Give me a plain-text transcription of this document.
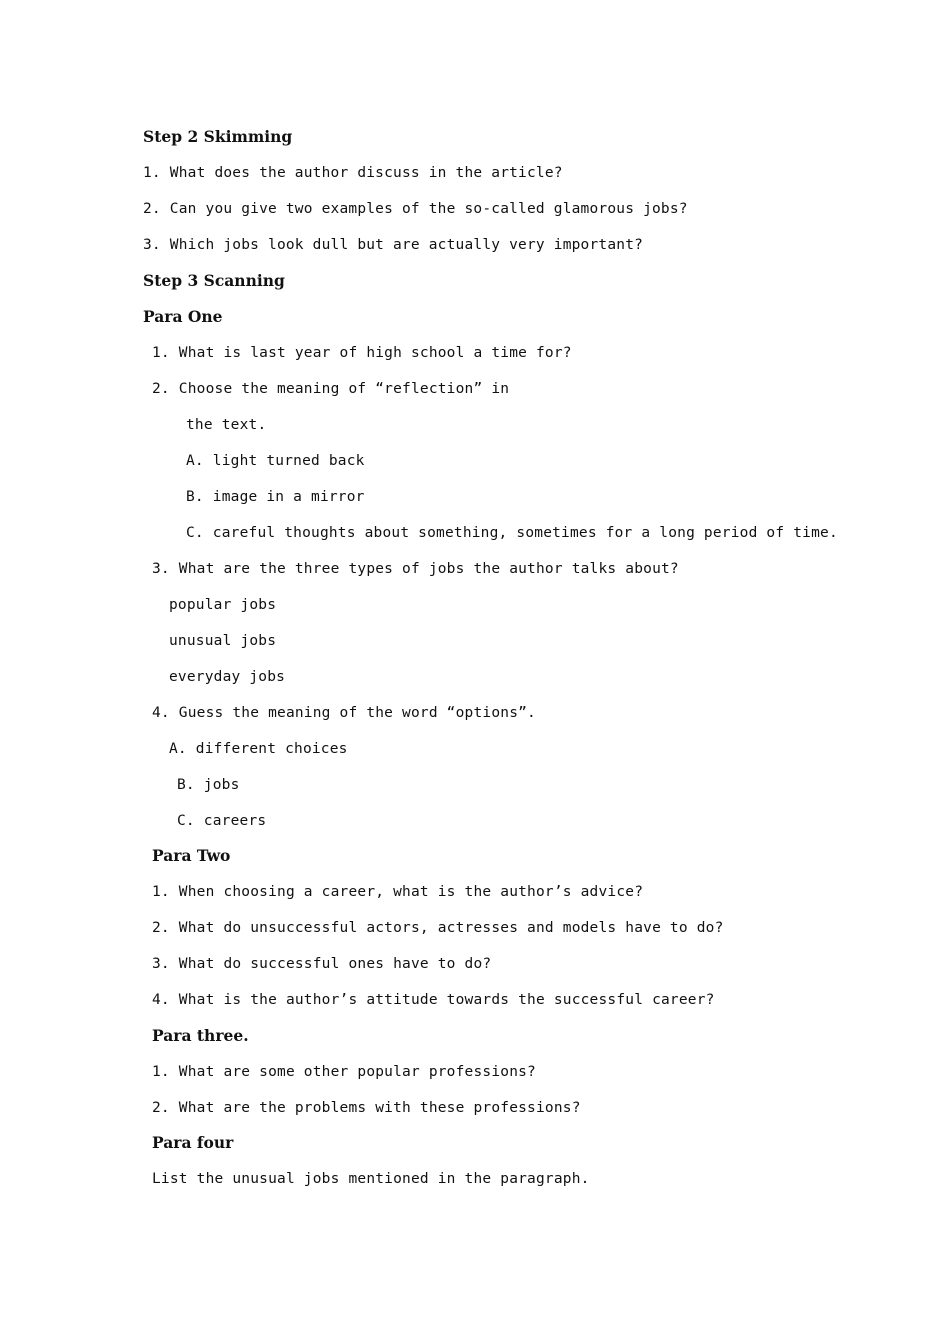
Step 2 Skimming
1. What does the author discuss in the article?
2. Can you give two examples of the so-called glamorous jobs?
3. Which jobs look dull but are actually very important?
Step 3 Scanning
Para One
1. What is last year of high school a time for?
2. Choose the meaning of “reflection” in
the text.
A. light turned back
B. image in a mirror
C. careful thoughts about something, sometimes for a long period of time.
3. What are the three types of jobs the author talks about?
popular jobs
unusual jobs
everyday jobs
4. Guess the meaning of the word “options”.
A. different choices
B. jobs
C. careers
Para Two
1. When choosing a career, what is the author’s advice?
2. What do unsuccessful actors, actresses and models have to do?
3. What do successful ones have to do?
4. What is the author’s attitude towards the successful career?
Para three.
1. What are some other popular professions?
2. What are the problems with these professions?
Para four
List the unusual jobs mentioned in the paragraph.
